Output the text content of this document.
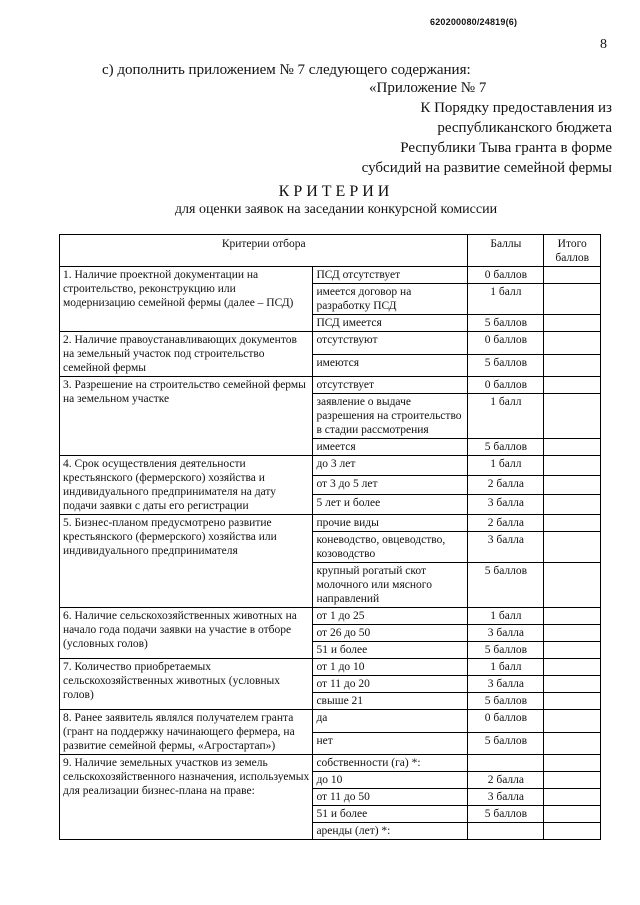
620200080/24819(6)
8
с) дополнить приложением № 7 следующего содержания:
«Приложение № 7
К Порядку предоставления из
республиканского бюджета
Республики Тыва гранта в форме
субсидий на развитие семейной фермы
КРИТЕРИИ
для оценки заявок на заседании конкурсной комиссии
Критерии отбора		Баллы	Итого баллов
1. Наличие проектной документации на строительство, реконструкцию или модернизацию семейной фермы (далее – ПСД)	ПСД отсутствует	0 баллов	
	имеется договор на разработку ПСД	1 балл	
	ПСД имеется	5 баллов	
2. Наличие правоустанавливающих документов на земельный участок под строительство семейной фермы	отсутствуют	0 баллов	
	имеются	5 баллов	
3. Разрешение на строительство семейной фермы на земельном участке	отсутствует	0 баллов	
	заявление о выдаче разрешения на строительство в стадии рассмотрения	1 балл	
	имеется	5 баллов	
4. Срок осуществления деятельности крестьянского (фермерского) хозяйства и индивидуального предпринимателя на дату подачи заявки с даты его регистрации	до 3 лет	1 балл	
	от 3 до 5 лет	2 балла	
	5 лет и более	3 балла	
5. Бизнес-планом предусмотрено развитие крестьянского (фермерского) хозяйства или индивидуального предпринимателя	прочие виды	2 балла	
	коневодство, овцеводство, козоводство	3 балла	
	крупный рогатый скот молочного или мясного направлений	5 баллов	
6. Наличие сельскохозяйственных животных на начало года подачи заявки на участие в отборе (условных голов)	от 1 до 25	1 балл	
	от 26 до 50	3 балла	
	51 и более	5 баллов	
7. Количество приобретаемых сельскохозяйственных животных (условных голов)	от 1 до 10	1 балл	
	от 11 до 20	3 балла	
	свыше 21	5 баллов	
8. Ранее заявитель являлся получателем гранта (грант на поддержку начинающего фермера, на развитие семейной фермы, «Агростартап»)	да	0 баллов	
	нет	5 баллов	
9. Наличие земельных участков из земель сельскохозяйственного назначения, используемых для реализации бизнес-плана на праве:	собственности (га) *:		
	до 10	2 балла	
	от 11 до 50	3 балла	
	51 и более	5 баллов	
	аренды (лет) *:		
